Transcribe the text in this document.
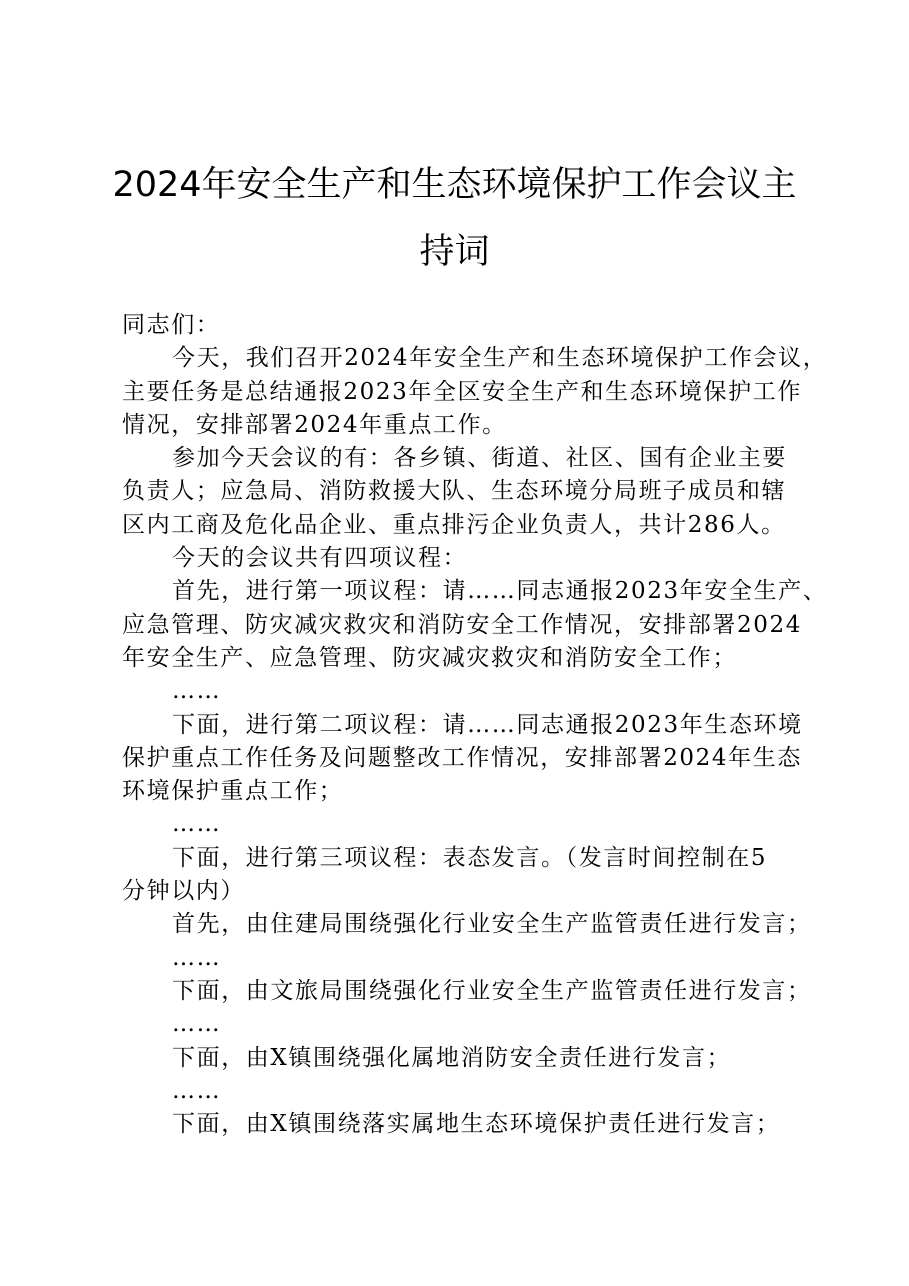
2024年安全生产和生态环境保护工作会议主
持词
同志们：
今天，我们召开2024年安全生产和生态环境保护工作会议，
主要任务是总结通报2023年全区安全生产和生态环境保护工作
情况，安排部署2024年重点工作。
参加今天会议的有：各乡镇、街道、社区、国有企业主要
负责人；应急局、消防救援大队、生态环境分局班子成员和辖
区内工商及危化品企业、重点排污企业负责人，共计286人。
今天的会议共有四项议程：
首先，进行第一项议程：请……同志通报2023年安全生产、
应急管理、防灾减灾救灾和消防安全工作情况，安排部署2024
年安全生产、应急管理、防灾减灾救灾和消防安全工作；
……
下面，进行第二项议程：请……同志通报2023年生态环境
保护重点工作任务及问题整改工作情况，安排部署2024年生态
环境保护重点工作；
……
下面，进行第三项议程：表态发言。（发言时间控制在5
分钟以内）
首先，由住建局围绕强化行业安全生产监管责任进行发言；
……
下面，由文旅局围绕强化行业安全生产监管责任进行发言；
……
下面，由X镇围绕强化属地消防安全责任进行发言；
……
下面，由X镇围绕落实属地生态环境保护责任进行发言；
